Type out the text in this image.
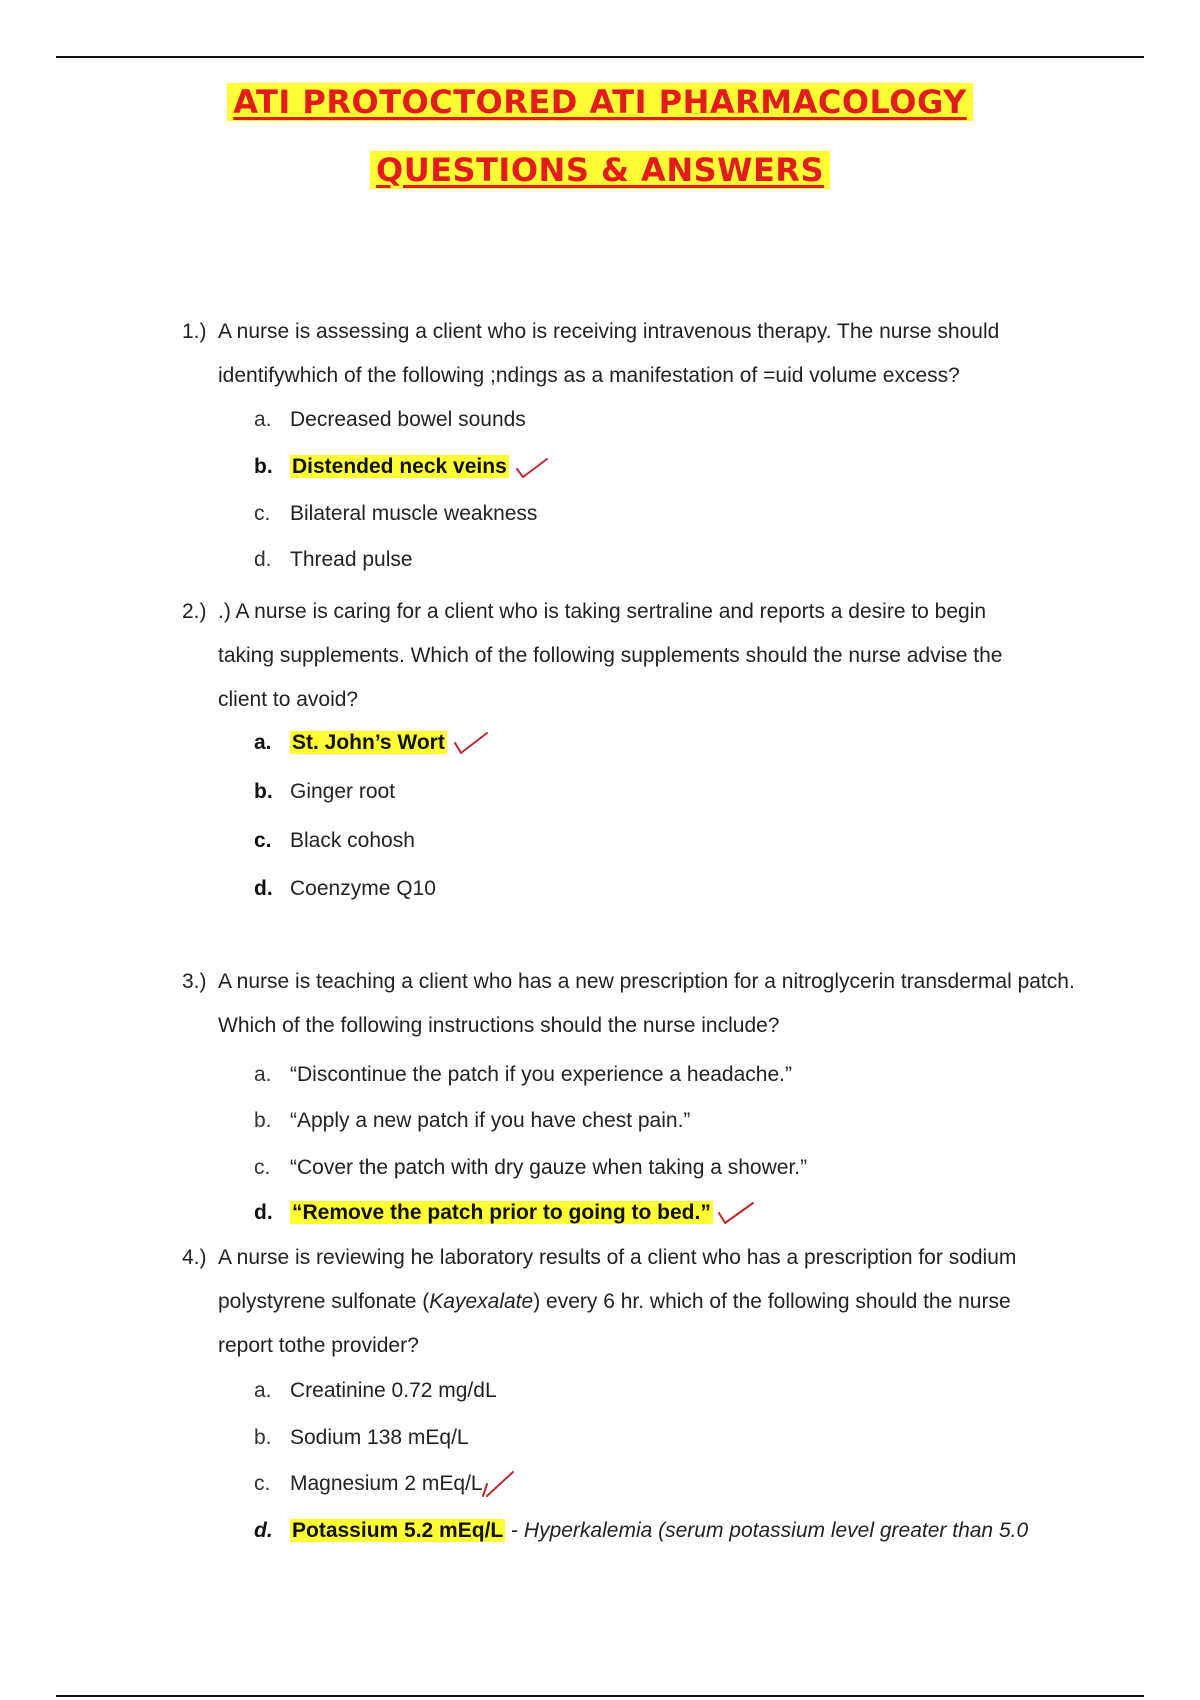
ATI PROTOCTORED ATI PHARMACOLOGY
QUESTIONS & ANSWERS
1.) A nurse is assessing a client who is receiving intravenous therapy. The nurse should
identifywhich of the following ;ndings as a manifestation of =uid volume excess?
a. Decreased bowel sounds
b. Distended neck veins
c. Bilateral muscle weakness
d. Thread pulse
2.) .) A nurse is caring for a client who is taking sertraline and reports a desire to begin
taking supplements. Which of the following supplements should the nurse advise the
client to avoid?
a. St. John’s Wort
b. Ginger root
c. Black cohosh
d. Coenzyme Q10
3.) A nurse is teaching a client who has a new prescription for a nitroglycerin transdermal patch.
Which of the following instructions should the nurse include?
a. “Discontinue the patch if you experience a headache.”
b. “Apply a new patch if you have chest pain.”
c. “Cover the patch with dry gauze when taking a shower.”
d. “Remove the patch prior to going to bed.”
4.) A nurse is reviewing he laboratory results of a client who has a prescription for sodium
polystyrene sulfonate (Kayexalate) every 6 hr. which of the following should the nurse
report tothe provider?
a. Creatinine 0.72 mg/dL
b. Sodium 138 mEq/L
c. Magnesium 2 mEq/L
d. Potassium 5.2 mEq/L - Hyperkalemia (serum potassium level greater than 5.0
